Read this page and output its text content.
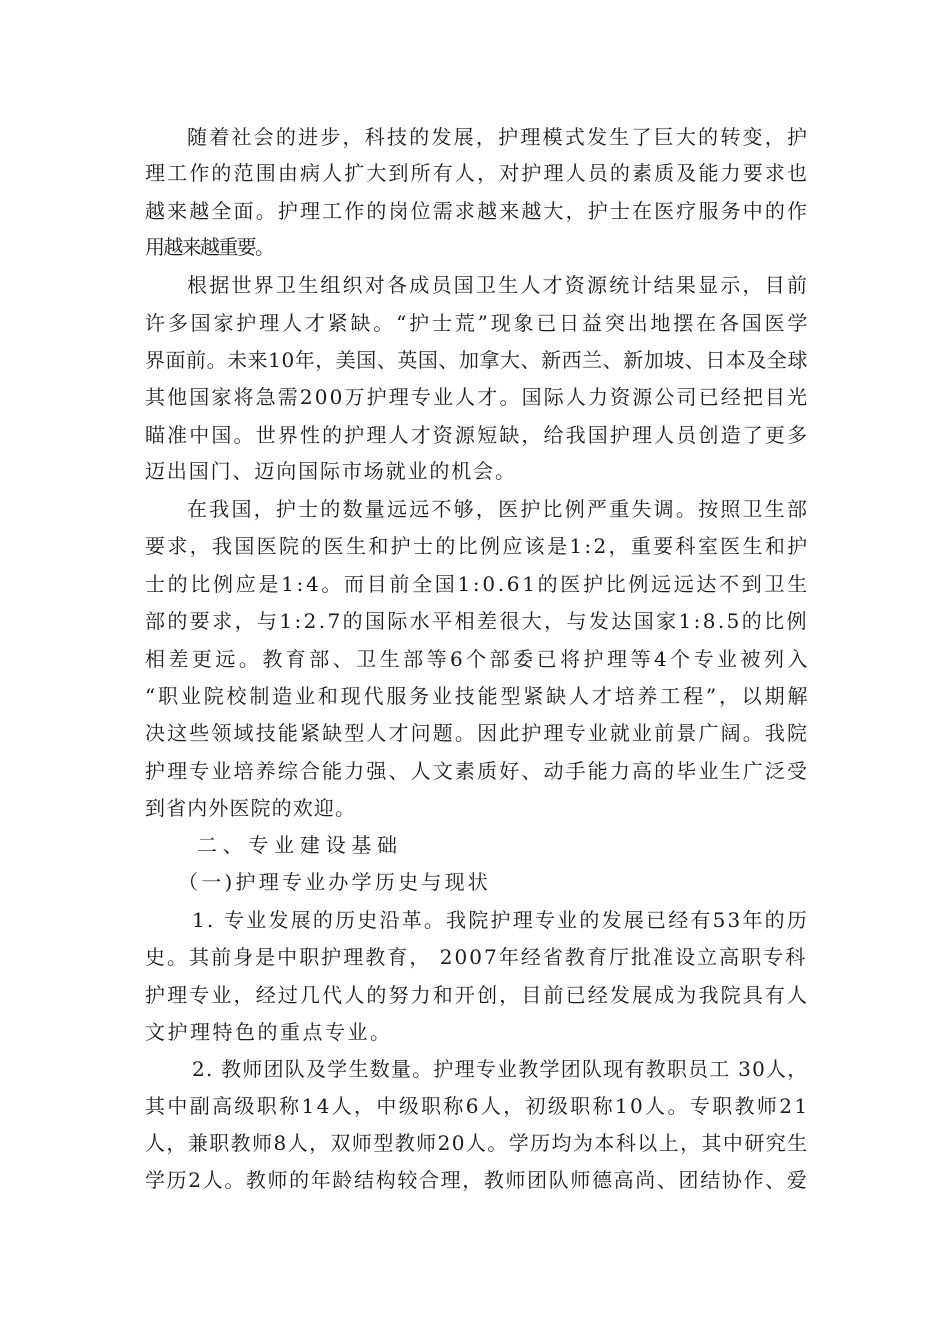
随着社会的进步，科技的发展，护理模式发生了巨大的转变，护
理工作的范围由病人扩大到所有人，对护理人员的素质及能力要求也
越来越全面。护理工作的岗位需求越来越大，护士在医疗服务中的作
用越来越重要。
根据世界卫生组织对各成员国卫生人才资源统计结果显示，目前
许多国家护理人才紧缺。“护士荒”现象已日益突出地摆在各国医学
界面前。未来10年，美国、英国、加拿大、新西兰、新加坡、日本及全球
其他国家将急需200万护理专业人才。国际人力资源公司已经把目光
瞄准中国。世界性的护理人才资源短缺，给我国护理人员创造了更多
迈出国门、迈向国际市场就业的机会。
在我国，护士的数量远远不够，医护比例严重失调。按照卫生部
要求，我国医院的医生和护士的比例应该是1:2，重要科室医生和护
士的比例应是1:4。而目前全国1:0.61的医护比例远远达不到卫生
部的要求，与1:2.7的国际水平相差很大，与发达国家1:8.5的比例
相差更远。教育部、卫生部等6个部委已将护理等4个专业被列入
“职业院校制造业和现代服务业技能型紧缺人才培养工程”，以期解
决这些领域技能紧缺型人才问题。因此护理专业就业前景广阔。我院
护理专业培养综合能力强、人文素质好、动手能力高的毕业生广泛受
到省内外医院的欢迎。
二、专业建设基础
（一)护理专业办学历史与现状
1. 专业发展的历史沿革。我院护理专业的发展已经有53年的历
史。其前身是中职护理教育， 2007年经省教育厅批准设立高职专科
护理专业，经过几代人的努力和开创，目前已经发展成为我院具有人
文护理特色的重点专业。
2. 教师团队及学生数量。护理专业教学团队现有教职员工 30人，
其中副高级职称14人，中级职称6人，初级职称10人。专职教师21
人，兼职教师8人，双师型教师20人。学历均为本科以上，其中研究生
学历2人。教师的年龄结构较合理，教师团队师德高尚、团结协作、爱
